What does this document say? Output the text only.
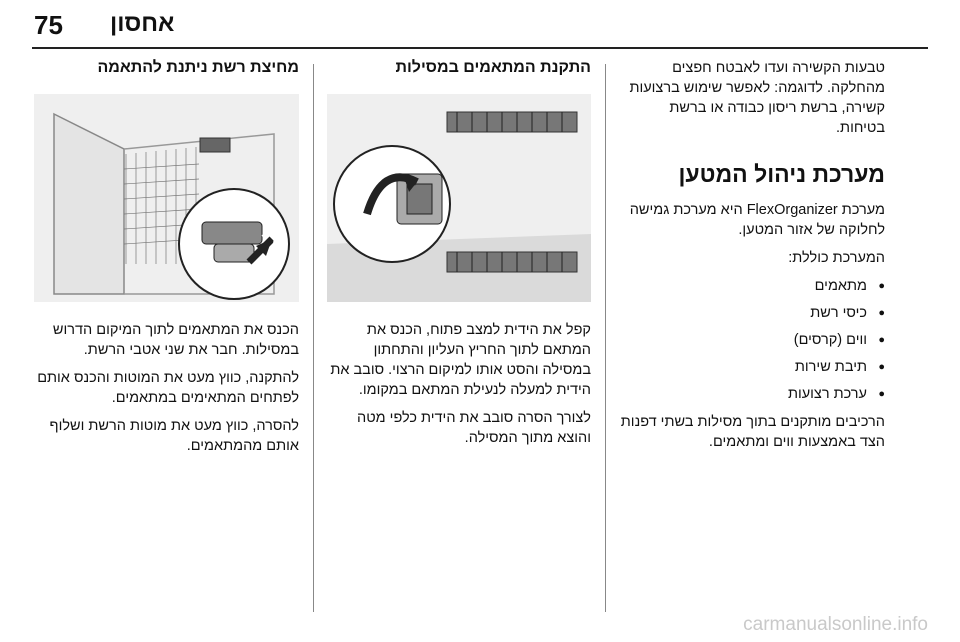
75 אחסון
מחיצת רשת ניתנת להתאמה

הכנס את המתאמים לתוך המיקום הדרוש במסילות. חבר את שני אטבי הרשת.

להתקנה, כווץ מעט את המוטות והכנס אותם לפתחים המתאימים במתאמים.

להסרה, כווץ מעט את מוטות הרשת ושלוף אותם מהמתאמים.

התקנת המתאמים במסילות

קפל את הידית למצב פתוח, הכנס את המתאם לתוך החריץ העליון והתחתון במסילה והסט אותו למיקום הרצוי. סובב את הידית למעלה לנעילת המתאם במקומו.

לצורך הסרה סובב את הידית כלפי מטה והוצא מתוך המסילה.

טבעות הקשירה ועדו לאבטח חפצים מהחלקה. לדוגמה: לאפשר שימוש ברצועות קשירה, ברשת ריסון כבודה או ברשת בטיחות.

מערכת ניהול המטען

מערכת FlexOrganizer היא מערכת גמישה לחלוקה של אזור המטען.

המערכת כוללת:

● מתאמים
● כיסי רשת
● ווים (קרסים)
● תיבת שירות
● ערכת רצועות

הרכיבים מותקנים בתוך מסילות בשתי דפנות הצד באמצעות ווים ומתאמים.

carmanualsonline.info
